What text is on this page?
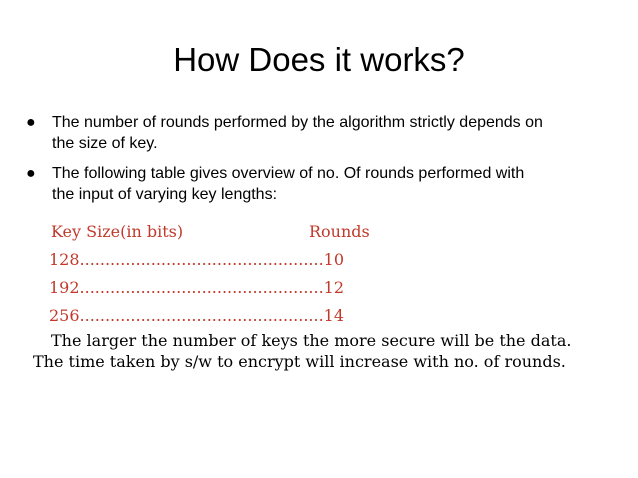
How Does it works?
● The number of rounds performed by the algorithm strictly depends on
the size of key.
● The following table gives overview of no. Of rounds performed with
the input of varying key lengths:
Key Size(in bits)	Rounds
128................................................10
192................................................12
256................................................14
The larger the number of keys the more secure will be the data.
The time taken by s/w to encrypt will increase with no. of rounds.
